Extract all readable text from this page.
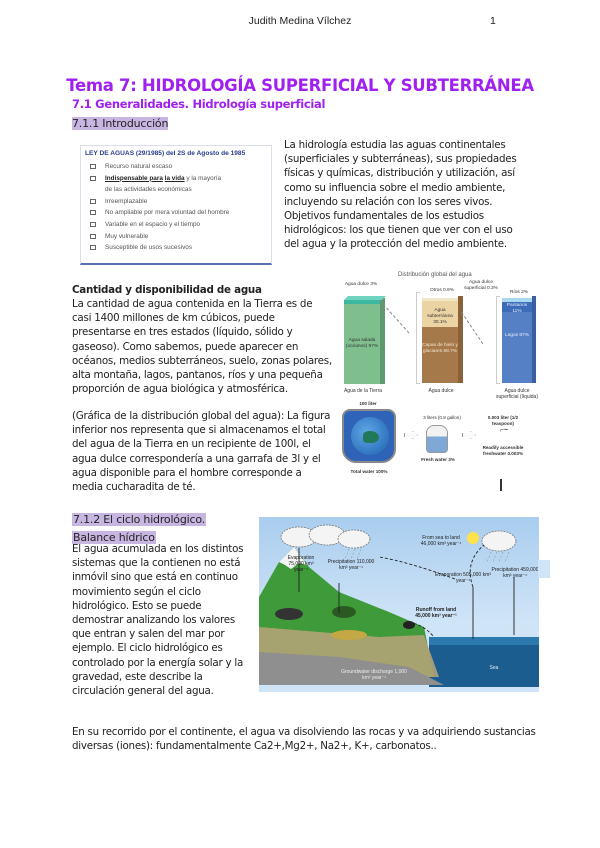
Judith Medina Vílchez	1
Tema 7: HIDROLOGÍA SUPERFICIAL Y SUBTERRÁNEA
7.1 Generalidades. Hidrología superficial
7.1.1 Introducción
LEY DE AGUAS (29/1985) del 2S de Agosto de 1985
Recurso natural escaso
Indispensable para la vida y la mayoría
de las actividades económicas
Irreemplazable
No ampliable por mera voluntad del hombre
Variable en el espacio y el tiempo
Muy vulnerable
Susceptible de usos sucesivos

La hidrología estudia las aguas continentales (superficiales y subterráneas), sus propiedades físicas y químicas, distribución y utilización, así como su influencia sobre el medio ambiente, incluyendo su relación con los seres vivos. Objetivos fundamentales de los estudios hidrológicos: los que tienen que ver con el uso del agua y la protección del medio ambiente.

Cantidad y disponibilidad de agua

La cantidad de agua contenida en la Tierra es de casi 1400 millones de km cúbicos, puede presentarse en tres estados (líquido, sólido y gaseoso). Como sabemos, puede aparecer en océanos, medios subterráneos, suelo, zonas polares, alta montaña, lagos, pantanos, ríos y una pequeña proporción de agua biológica y atmosférica.

(Gráfica de la distribución global del agua): La figura inferior nos representa que si almacenamos el total del agua de la Tierra en un recipiente de 100l, el agua dulce correspondería a una garrafa de 3l y el agua disponible para el hombre corresponde a media cucharadita de té.

Distribución global del agua
Agua dulce 3%
Agua salada (océanos) 97%
Agua de la Tierra
Otros 0.9%
Agua subterránea 30.1%
Capas de hielo y glaciares 68.7%
Agua dulce superficial 0.3%
Agua dulce
Ríos 2%
Pantanos 11%
Lagos 87%
Agua dulce superficial (líquida)
100 liter
Total water 100%
3 liters (0.8 gallon)
Fresh water 3%
0.003 liter (1/2 teaspoon)
⌐~
Readily accessible freshwater 0.003%
7.1.2 El ciclo hidrológico.
Balance hídrico

El agua acumulada en los distintos sistemas que la contienen no está inmóvil sino que está en continuo movimiento según el ciclo hidrológico. Esto se puede demostrar analizando los valores que entran y salen del mar por ejemplo. El ciclo hidrológico es controlado por la energía solar y la gravedad, este describe la circulación general del agua.

Evaporation 75,000 km³ year⁻¹
Precipitation 110,000 km³ year⁻¹
From sea to land 46,000 km³ year⁻¹
Evaporation 505,000 km³ year⁻¹
Precipitation 459,000 km³ year⁻¹
Runoff from land 45,000 km³ year⁻¹
Groundwater discharge 1,000 km³ year⁻¹
Sea

En su recorrido por el continente, el agua va disolviendo las rocas y va adquiriendo sustancias diversas (iones): fundamentalmente Ca2+,Mg2+, Na2+, K+, carbonatos..
